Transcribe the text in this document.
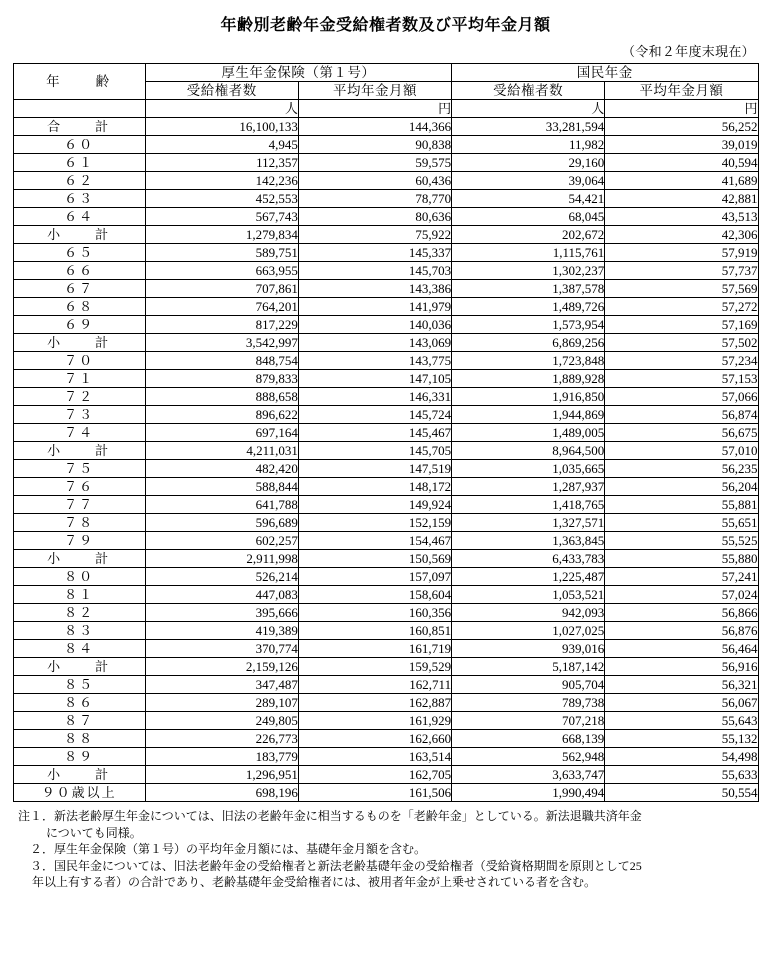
年齢別老齢年金受給権者数及び平均年金月額
（令和２年度末現在）
年　　齢	厚生年金保険（第１号）		国民年金	
	受給権者数	平均年金月額	受給権者数	平均年金月額
	人	円	人	円
合　　計	16,100,133	144,366	33,281,594	56,252
６０	4,945	90,838	11,982	39,019
６１	112,357	59,575	29,160	40,594
６２	142,236	60,436	39,064	41,689
６３	452,553	78,770	54,421	42,881
６４	567,743	80,636	68,045	43,513
小　　計	1,279,834	75,922	202,672	42,306
６５	589,751	145,337	1,115,761	57,919
６６	663,955	145,703	1,302,237	57,737
６７	707,861	143,386	1,387,578	57,569
６８	764,201	141,979	1,489,726	57,272
６９	817,229	140,036	1,573,954	57,169
小　　計	3,542,997	143,069	6,869,256	57,502
７０	848,754	143,775	1,723,848	57,234
７１	879,833	147,105	1,889,928	57,153
７２	888,658	146,331	1,916,850	57,066
７３	896,622	145,724	1,944,869	56,874
７４	697,164	145,467	1,489,005	56,675
小　　計	4,211,031	145,705	8,964,500	57,010
７５	482,420	147,519	1,035,665	56,235
７６	588,844	148,172	1,287,937	56,204
７７	641,788	149,924	1,418,765	55,881
７８	596,689	152,159	1,327,571	55,651
７９	602,257	154,467	1,363,845	55,525
小　　計	2,911,998	150,569	6,433,783	55,880
８０	526,214	157,097	1,225,487	57,241
８１	447,083	158,604	1,053,521	57,024
８２	395,666	160,356	942,093	56,866
８３	419,389	160,851	1,027,025	56,876
８４	370,774	161,719	939,016	56,464
小　　計	2,159,126	159,529	5,187,142	56,916
８５	347,487	162,711	905,704	56,321
８６	289,107	162,887	789,738	56,067
８７	249,805	161,929	707,218	55,643
８８	226,773	162,660	668,139	55,132
８９	183,779	163,514	562,948	54,498
小　　計	1,296,951	162,705	3,633,747	55,633
９０歳以上	698,196	161,506	1,990,494	50,554
注１．新法老齢厚生年金については、旧法の老齢年金に相当するものを「老齢年金」としている。新法退職共済年金
についても同様。
　２．厚生年金保険（第１号）の平均年金月額には、基礎年金月額を含む。
　３．国民年金については、旧法老齢年金の受給権者と新法老齢基礎年金の受給権者（受給資格期間を原則として25
年以上有する者）の合計であり、老齢基礎年金受給権者には、被用者年金が上乗せされている者を含む。
